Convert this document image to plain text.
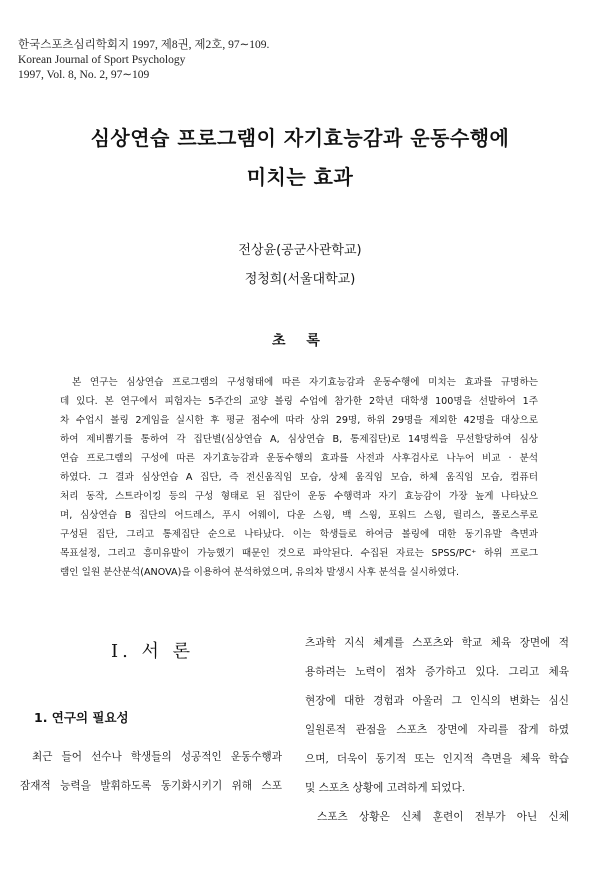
한국스포츠심리학회지 1997, 제8권, 제2호, 97∼109.
Korean Journal of Sport Psychology
1997, Vol. 8, No. 2, 97∼109
심상연습 프로그램이 자기효능감과 운동수행에
미치는 효과
전상윤(공군사관학교)
정청희(서울대학교)
초 록
본 연구는 심상연습 프로그램의 구성형태에 따른 자기효능감과 운동수행에 미치는 효과를 규명하는
데 있다. 본 연구에서 피험자는 5주간의 교양 볼링 수업에 참가한 2학년 대학생 100명을 선발하여 1주
차 수업시 볼링 2게임을 실시한 후 평균 점수에 따라 상위 29명, 하위 29명을 제외한 42명을 대상으로
하여 제비뽑기를 통하여 각 집단별(심상연습 A, 심상연습 B, 통제집단)로 14명씩을 무선할당하여 심상
연습 프로그램의 구성에 따른 자기효능감과 운동수행의 효과를 사전과 사후검사로 나누어 비교 · 분석
하였다. 그 결과 심상연습 A 집단, 즉 전신움직임 모습, 상체 움직임 모습, 하체 움직임 모습, 컴퓨터
처리 동작, 스트라이킹 등의 구성 형태로 된 집단이 운동 수행력과 자기 효능감이 가장 높게 나타났으
며, 심상연습 B 집단의 어드레스, 푸시 어웨이, 다운 스윙, 백 스윙, 포워드 스윙, 릴리스, 폴로스루로
구성된 집단, 그리고 통제집단 순으로 나타났다. 이는 학생들로 하여금 볼링에 대한 동기유발 측면과
목표설정, 그리고 흥미유발이 가능했기 때문인 것으로 파악된다. 수집된 자료는 SPSS/PC⁺ 하위 프로그
램인 일원 분산분석(ANOVA)을 이용하여 분석하였으며, 유의차 발생시 사후 분석을 실시하였다.
Ⅰ. 서 론
1. 연구의 필요성
최근 들어 선수나 학생들의 성공적인 운동수행과
잠재적 능력을 발휘하도록 동기화시키기 위해 스포
츠과학 지식 체계를 스포츠와 학교 체육 장면에 적
용하려는 노력이 점차 증가하고 있다. 그리고 체육
현장에 대한 경험과 아울러 그 인식의 변화는 심신
일원론적 관점을 스포츠 장면에 자리를 잡게 하였
으며, 더욱이 동기적 또는 인지적 측면을 체육 학습
및 스포츠 상황에 고려하게 되었다.
스포츠 상황은 신체 훈련이 전부가 아닌 신체
